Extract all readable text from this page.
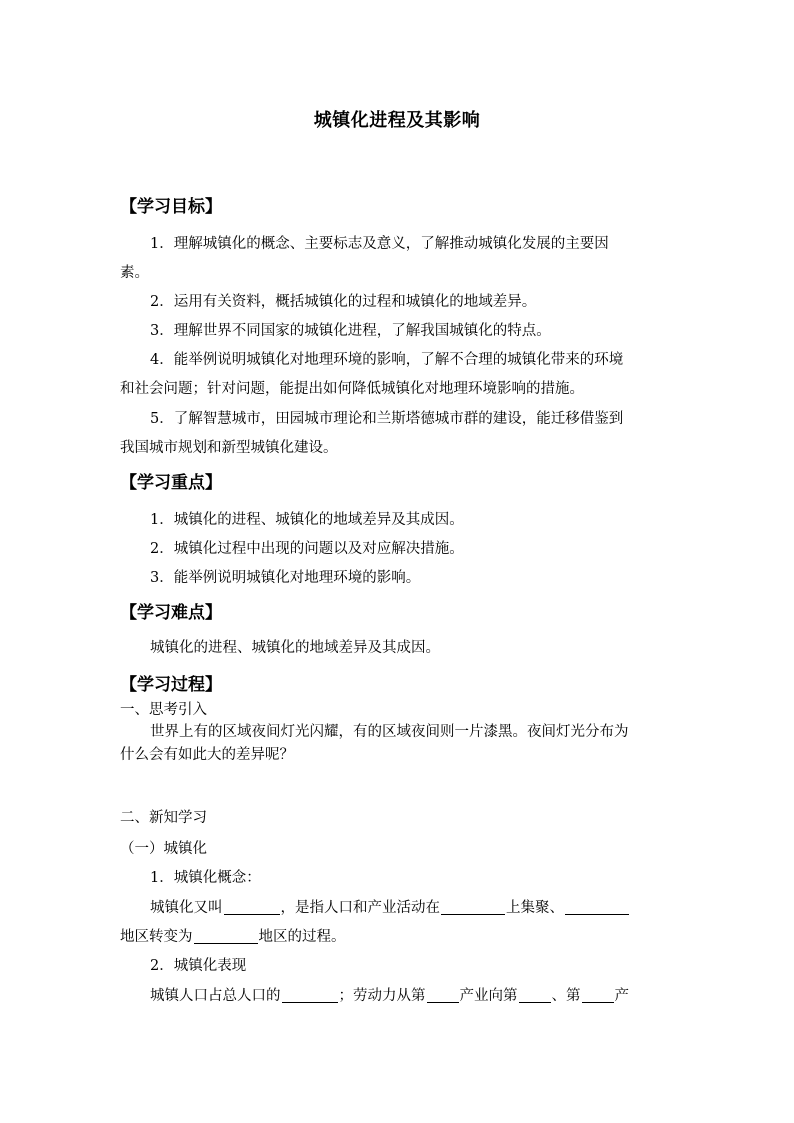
城镇化进程及其影响
【学习目标】
1．理解城镇化的概念、主要标志及意义，了解推动城镇化发展的主要因
素。
2．运用有关资料，概括城镇化的过程和城镇化的地域差异。
3．理解世界不同国家的城镇化进程，了解我国城镇化的特点。
4．能举例说明城镇化对地理环境的影响，了解不合理的城镇化带来的环境
和社会问题；针对问题，能提出如何降低城镇化对地理环境影响的措施。
5．了解智慧城市，田园城市理论和兰斯塔德城市群的建设，能迁移借鉴到
我国城市规划和新型城镇化建设。
【学习重点】
1．城镇化的进程、城镇化的地域差异及其成因。
2．城镇化过程中出现的问题以及对应解决措施。
3．能举例说明城镇化对地理环境的影响。
【学习难点】
城镇化的进程、城镇化的地域差异及其成因。
【学习过程】
一、思考引入
世界上有的区域夜间灯光闪耀，有的区域夜间则一片漆黑。夜间灯光分布为
什么会有如此大的差异呢？
二、新知学习
（一）城镇化
1．城镇化概念：
城镇化又叫	，是指人口和产业活动在	上集聚、
地区转变为	地区的过程。
2．城镇化表现
城镇人口占总人口的	；劳动力从第 产业向第 、第 产
